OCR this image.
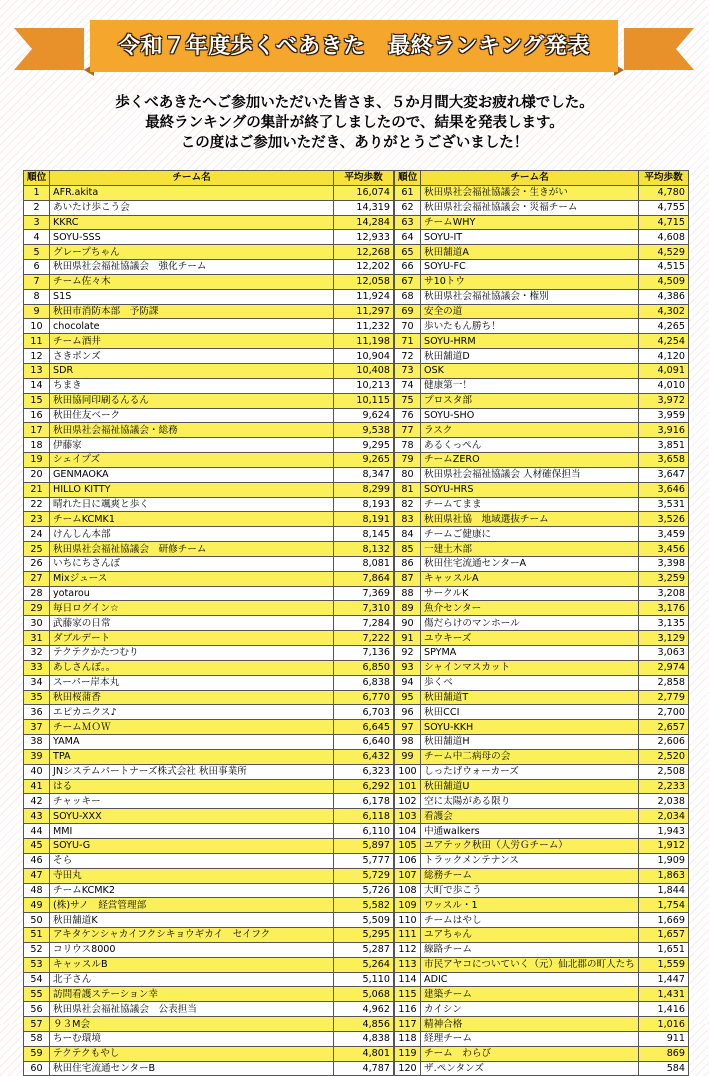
令和７年度歩くべあきた　最終ランキング発表
歩くべあきたへご参加いただいた皆さま、５か月間大変お疲れ様でした。
最終ランキングの集計が終了しましたので、結果を発表します。
この度はご参加いただき、ありがとうございました！
順位	チーム名	平均歩数
1	AFR.akita	16,074
2	あいたけ歩こう会	14,319
3	KKRC	14,284
4	SOYU-SSS	12,933
5	グレープちゃん	12,268
6	秋田県社会福祉協議会　強化チーム	12,202
7	チーム佐々木	12,058
8	S1S	11,924
9	秋田市消防本部　予防課	11,297
10	chocolate	11,232
11	チーム酒井	11,198
12	さきポンズ	10,904
13	SDR	10,408
14	ちまき	10,213
15	秋田協同印刷るんるん	10,115
16	秋田住友ベーク	9,624
17	秋田県社会福祉協議会・総務	9,538
18	伊藤家	9,295
19	シェイプズ	9,265
20	GENMAOKA	8,347
21	HILLO KITTY	8,299
22	晴れた日に颯爽と歩く	8,193
23	チームKCMK1	8,191
24	けんしん本部	8,145
25	秋田県社会福祉協議会　研修チーム	8,132
26	いちにちさんぽ	8,081
27	Mixジュース	7,864
28	yotarou	7,369
29	毎日ログイン☆	7,310
30	武藤家の日常	7,284
31	ダブルデート	7,222
32	テクテクかたつむり	7,136
33	あしさんぽ。。	6,850
34	スーパー岸本丸	6,838
35	秋田桜蒲香	6,770
36	エピカニクス♪	6,703
37	チームＭＯＷ	6,645
38	YAMA	6,640
39	TPA	6,432
40	JNシステムパートナーズ株式会社 秋田事業所	6,323
41	はる	6,292
42	チャッキー	6,178
43	SOYU-XXX	6,118
44	MMI	6,110
45	SOYU-G	5,897
46	そら	5,777
47	寺田丸	5,729
48	チームKCMK2	5,726
49	(株)サノ　経営管理部	5,582
50	秋田舗道K	5,509
51	アキタケンシャカイフクシキョウギカイ　セイフク	5,295
52	コリウス8000	5,287
53	キャッスルB	5,264
54	北子さん	5,110
55	訪問看護ステーション幸	5,068
56	秋田県社会福祉協議会　公表担当	4,962
57	９３M会	4,856
58	ちーむ環境	4,838
59	テクテクもやし	4,801
60	秋田住宅流通センターB	4,787
順位	チーム名	平均歩数
61	秋田県社会福祉協議会・生きがい	4,780
62	秋田県社会福祉協議会・災福チーム	4,755
63	チームWHY	4,715
64	SOYU-IT	4,608
65	秋田舗道A	4,529
66	SOYU-FC	4,515
67	サ10トウ	4,509
68	秋田県社会福祉協議会・権別	4,386
69	安全の道	4,302
70	歩いたもん勝ち！	4,265
71	SOYU-HRM	4,254
72	秋田舗道D	4,120
73	OSK	4,091
74	健康第一！	4,010
75	プロスタ部	3,972
76	SOYU-SHO	3,959
77	ラスク	3,916
78	あるくっぺん	3,851
79	チームZERO	3,658
80	秋田県社会福祉協議会 人材確保担当	3,647
81	SOYU-HRS	3,646
82	チームてまま	3,531
83	秋田県社協　地域選抜チーム	3,526
84	チームご健康に	3,459
85	一建土木部	3,456
86	秋田住宅流通センターA	3,398
87	キャッスルA	3,259
88	サークルK	3,208
89	魚介センター	3,176
90	傷だらけのマンホール	3,135
91	ユウキーズ	3,129
92	SPYMA	3,063
93	シャインマスカット	2,974
94	歩くべ	2,858
95	秋田舗道T	2,779
96	秋田CCI	2,700
97	SOYU-KKH	2,657
98	秋田舗道H	2,606
99	チーム中二病母の会	2,520
100	しったげウォーカーズ	2,508
101	秋田舗道U	2,233
102	空に太陽がある限り	2,038
103	看護会	2,034
104	中通walkers	1,943
105	ユアテック秋田（人労Ｇチーム）	1,912
106	トラックメンテナンス	1,909
107	総務チーム	1,863
108	大町で歩こう	1,844
109	ワッスル・1	1,754
110	チームはやし	1,669
111	ユアちゃん	1,657
112	線路チーム	1,651
113	市民アヤコについていく（元）仙北郡の町人たち	1,559
114	ADIC	1,447
115	建築チーム	1,431
116	カイシン	1,416
117	精神合格	1,016
118	経理チーム	911
119	チーム　わらび	869
120	ザ.ペンタンズ	584
